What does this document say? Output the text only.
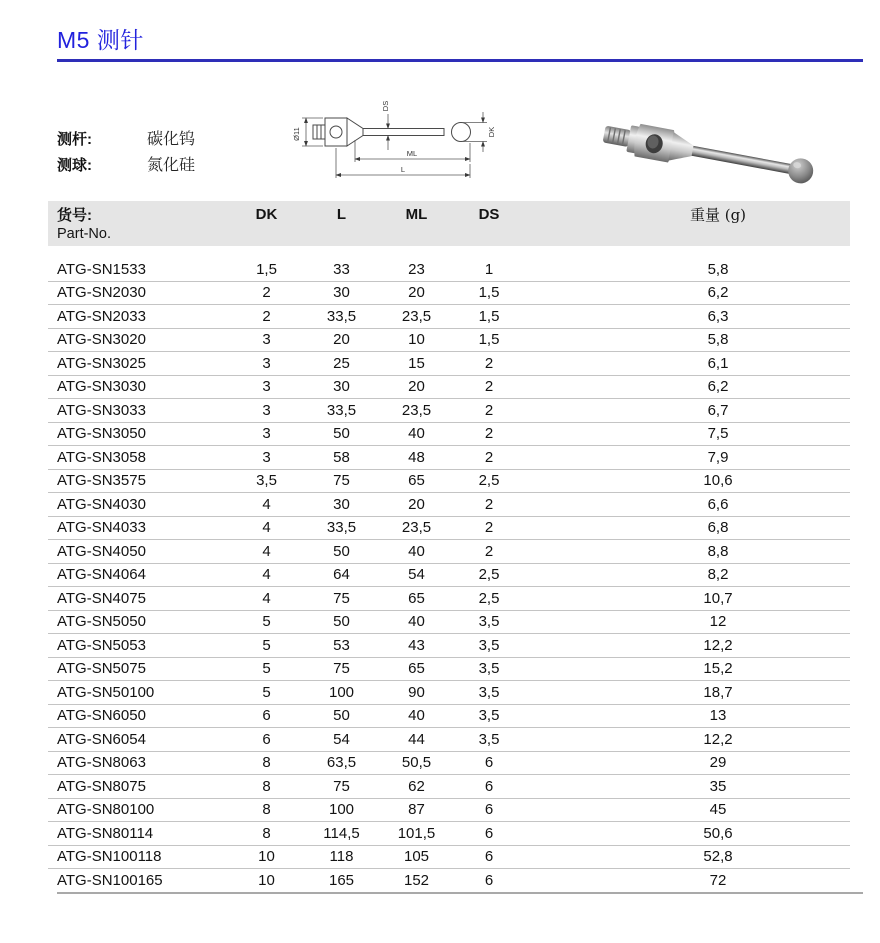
M5 测针
测杆:	碳化钨
测球:	氮化硅
Ø11
DS
DK
ML
L
货号:	DK	L	ML	DS	重量 (g)
Part-No.
ATG-SN1533	1,5	33	23	1	5,8
ATG-SN2030	2	30	20	1,5	6,2
ATG-SN2033	2	33,5	23,5	1,5	6,3
ATG-SN3020	3	20	10	1,5	5,8
ATG-SN3025	3	25	15	2	6,1
ATG-SN3030	3	30	20	2	6,2
ATG-SN3033	3	33,5	23,5	2	6,7
ATG-SN3050	3	50	40	2	7,5
ATG-SN3058	3	58	48	2	7,9
ATG-SN3575	3,5	75	65	2,5	10,6
ATG-SN4030	4	30	20	2	6,6
ATG-SN4033	4	33,5	23,5	2	6,8
ATG-SN4050	4	50	40	2	8,8
ATG-SN4064	4	64	54	2,5	8,2
ATG-SN4075	4	75	65	2,5	10,7
ATG-SN5050	5	50	40	3,5	12
ATG-SN5053	5	53	43	3,5	12,2
ATG-SN5075	5	75	65	3,5	15,2
ATG-SN50100	5	100	90	3,5	18,7
ATG-SN6050	6	50	40	3,5	13
ATG-SN6054	6	54	44	3,5	12,2
ATG-SN8063	8	63,5	50,5	6	29
ATG-SN8075	8	75	62	6	35
ATG-SN80100	8	100	87	6	45
ATG-SN80114	8	114,5	101,5	6	50,6
ATG-SN100118	10	118	105	6	52,8
ATG-SN100165	10	165	152	6	72
